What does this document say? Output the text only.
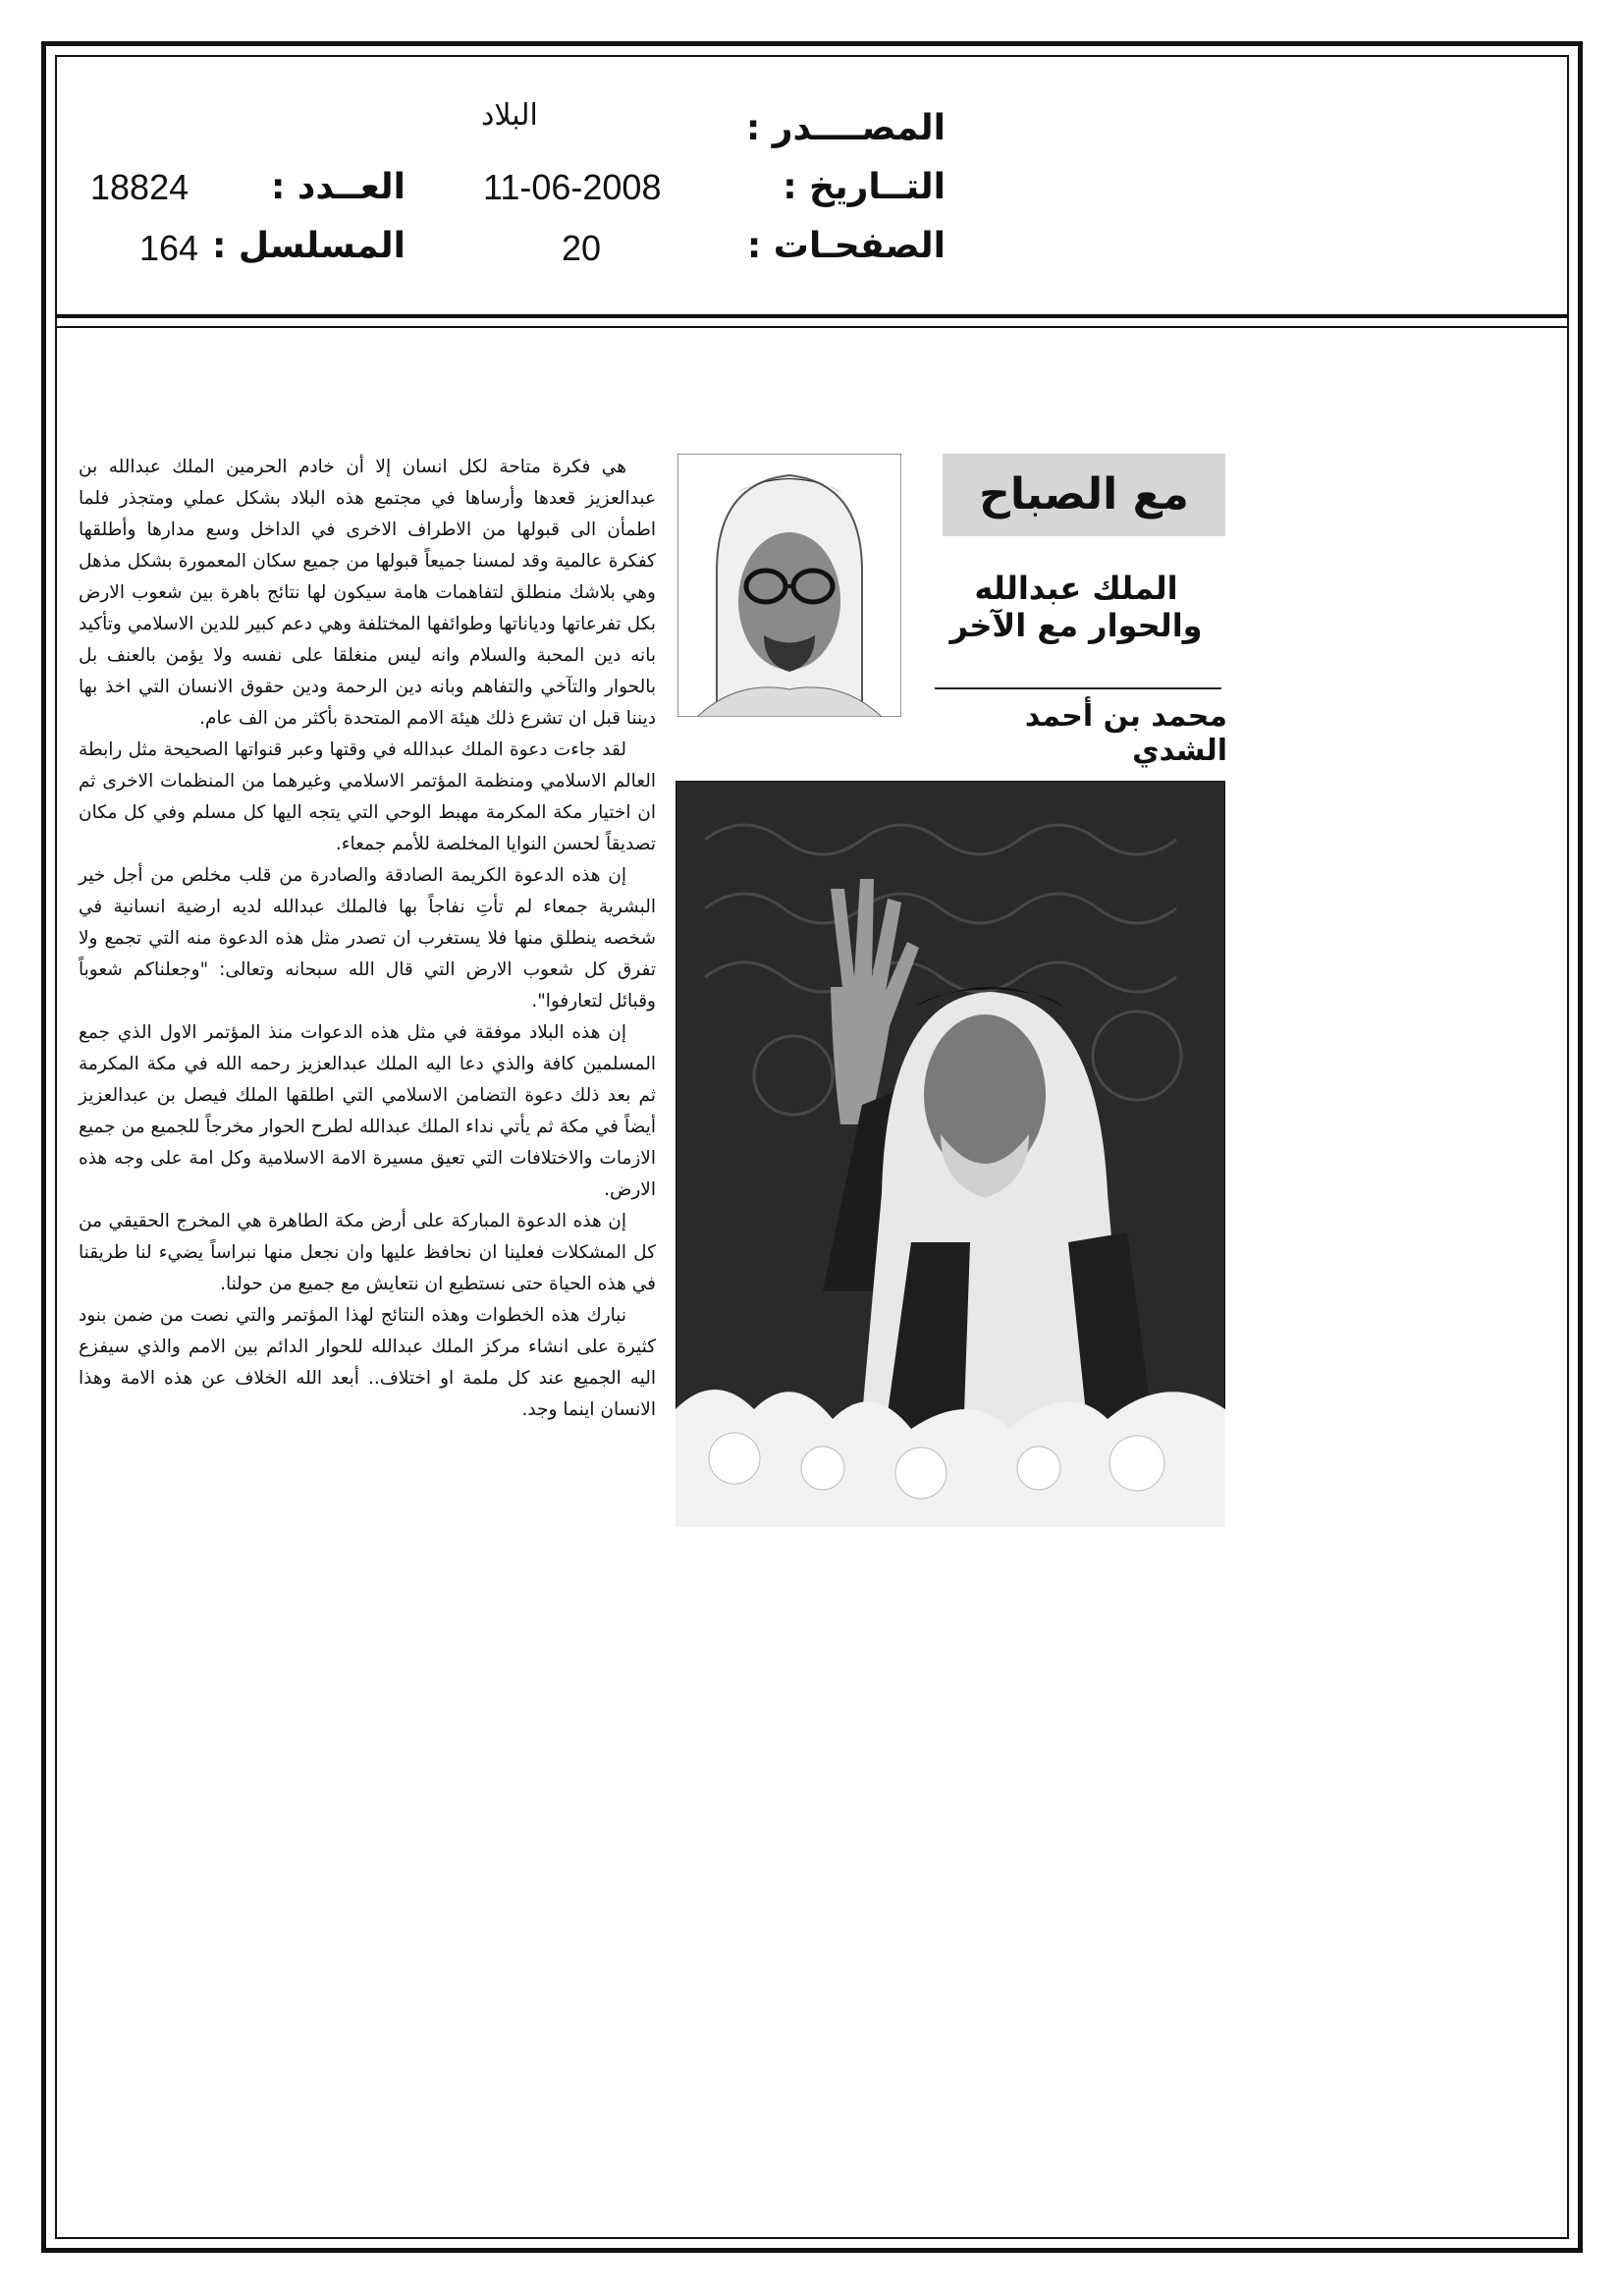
المصــــدر :
البلاد
التــاريخ :
11-06-2008
العــدد :
18824
الصفحـات :
20
المسلسل :
164
مع الصباح
الملك عبدالله والحوار مع الآخر
محمد بن أحمد الشدي

هي فكرة متاحة لكل انسان إلا أن خادم الحرمين الملك عبدالله بن عبدالعزيز قعدها وأرساها في مجتمع هذه البلاد بشكل عملي ومتجذر فلما اطمأن الى قبولها من الاطراف الاخرى في الداخل وسع مدارها وأطلقها كفكرة عالمية وقد لمسنا جميعاً قبولها من جميع سكان المعمورة بشكل مذهل وهي بلاشك منطلق لتفاهمات هامة سيكون لها نتائج باهرة بين شعوب الارض بكل تفرعاتها ودياناتها وطوائفها المختلفة وهي دعم كبير للدين الاسلامي وتأكيد بانه دين المحبة والسلام وانه ليس منغلقا على نفسه ولا يؤمن بالعنف بل بالحوار والتآخي والتفاهم وبانه دين الرحمة ودين حقوق الانسان التي اخذ بها ديننا قبل ان تشرع ذلك هيئة الامم المتحدة بأكثر من الف عام.

لقد جاءت دعوة الملك عبدالله في وقتها وعبر قنواتها الصحيحة مثل رابطة العالم الاسلامي ومنظمة المؤتمر الاسلامي وغيرهما من المنظمات الاخرى ثم ان اختيار مكة المكرمة مهبط الوحي التي يتجه اليها كل مسلم وفي كل مكان تصديقاً لحسن النوايا المخلصة للأمم جمعاء.

إن هذه الدعوة الكريمة الصادقة والصادرة من قلب مخلص من أجل خير البشرية جمعاء لم تأتِ نفاجاً بها فالملك عبدالله لديه ارضية انسانية في شخصه ينطلق منها فلا يستغرب ان تصدر مثل هذه الدعوة منه التي تجمع ولا تفرق كل شعوب الارض التي قال الله سبحانه وتعالى: "وجعلناكم شعوباً وقبائل لتعارفوا".

إن هذه البلاد موفقة في مثل هذه الدعوات منذ المؤتمر الاول الذي جمع المسلمين كافة والذي دعا اليه الملك عبدالعزيز رحمه الله في مكة المكرمة ثم بعد ذلك دعوة التضامن الاسلامي التي اطلقها الملك فيصل بن عبدالعزيز أيضاً في مكة ثم يأتي نداء الملك عبدالله لطرح الحوار مخرجاً للجميع من جميع الازمات والاختلافات التي تعيق مسيرة الامة الاسلامية وكل امة على وجه هذه الارض.

إن هذه الدعوة المباركة على أرض مكة الطاهرة هي المخرج الحقيقي من كل المشكلات فعلينا ان نحافظ عليها وان نجعل منها نبراساً يضيء لنا طريقنا في هذه الحياة حتى نستطيع ان نتعايش مع جميع من حولنا.

نبارك هذه الخطوات وهذه النتائج لهذا المؤتمر والتي نصت من ضمن بنود كثيرة على انشاء مركز الملك عبدالله للحوار الدائم بين الامم والذي سيفزع اليه الجميع عند كل ملمة او اختلاف.. أبعد الله الخلاف عن هذه الامة وهذا الانسان اينما وجد.
